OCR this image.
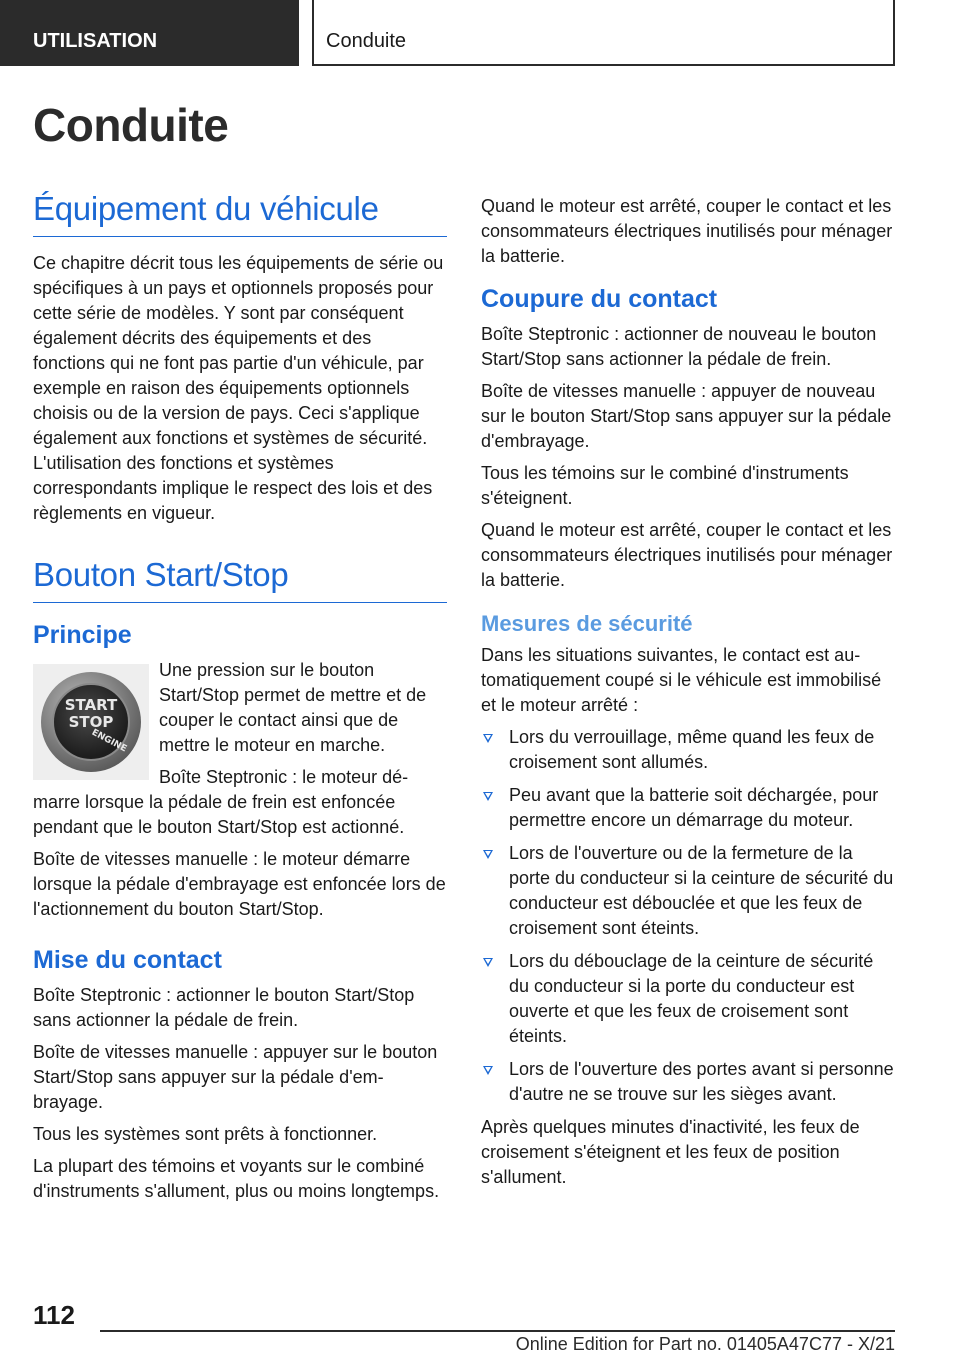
UTILISATION	Conduite
Conduite
Équipement du véhicule

Ce chapitre décrit tous les équipements de série ou spécifiques à un pays et optionnels proposés pour cette série de modèles. Y sont par conséquent également décrits des équipements et des fonctions qui ne font pas partie d'un véhicule, par exemple en raison des équipements optionnels choisis ou de la version de pays. Ceci s'applique également aux fonctions et systèmes de sécurité. L'utilisation des fonctions et systèmes correspondants implique le respect des lois et des règlements en vigueur.

Bouton Start/Stop
Principe
START
STOP
ENGINE

Une pression sur le bouton Start/Stop permet de mettre et de couper le contact ainsi que de mettre le moteur en marche.

Boîte Steptronic : le moteur démarre lorsque la pédale de frein est enfoncée pendant que le bouton Start/Stop est actionné.

Boîte de vitesses manuelle : le moteur démarre lorsque la pédale d'embrayage est enfoncée lors de l'actionnement du bouton Start/Stop.

Mise du contact

Boîte Steptronic : actionner le bouton Start/Stop sans actionner la pédale de frein.

Boîte de vitesses manuelle : appuyer sur le bouton Start/Stop sans appuyer sur la pédale d'embrayage.

Tous les systèmes sont prêts à fonctionner.

La plupart des témoins et voyants sur le combiné d'instruments s'allument, plus ou moins longtemps.

Quand le moteur est arrêté, couper le contact et les consommateurs électriques inutilisés pour ménager la batterie.

Coupure du contact

Boîte Steptronic : actionner de nouveau le bouton Start/Stop sans actionner la pédale de frein.

Boîte de vitesses manuelle : appuyer de nouveau sur le bouton Start/Stop sans appuyer sur la pédale d'embrayage.

Tous les témoins sur le combiné d'instruments s'éteignent.

Quand le moteur est arrêté, couper le contact et les consommateurs électriques inutilisés pour ménager la batterie.

Mesures de sécurité

Dans les situations suivantes, le contact est automatiquement coupé si le véhicule est immobilisé et le moteur arrêté :

Lors du verrouillage, même quand les feux de croisement sont allumés.
Peu avant que la batterie soit déchargée, pour permettre encore un démarrage du moteur.
Lors de l'ouverture ou de la fermeture de la porte du conducteur si la ceinture de sécurité du conducteur est débouclée et que les feux de croisement sont éteints.
Lors du débouclage de la ceinture de sécurité du conducteur si la porte du conducteur est ouverte et que les feux de croisement sont éteints.
Lors de l'ouverture des portes avant si personne d'autre ne se trouve sur les sièges avant.

Après quelques minutes d'inactivité, les feux de croisement s'éteignent et les feux de position s'allument.

112
Online Edition for Part no. 01405A47C77 - X/21
